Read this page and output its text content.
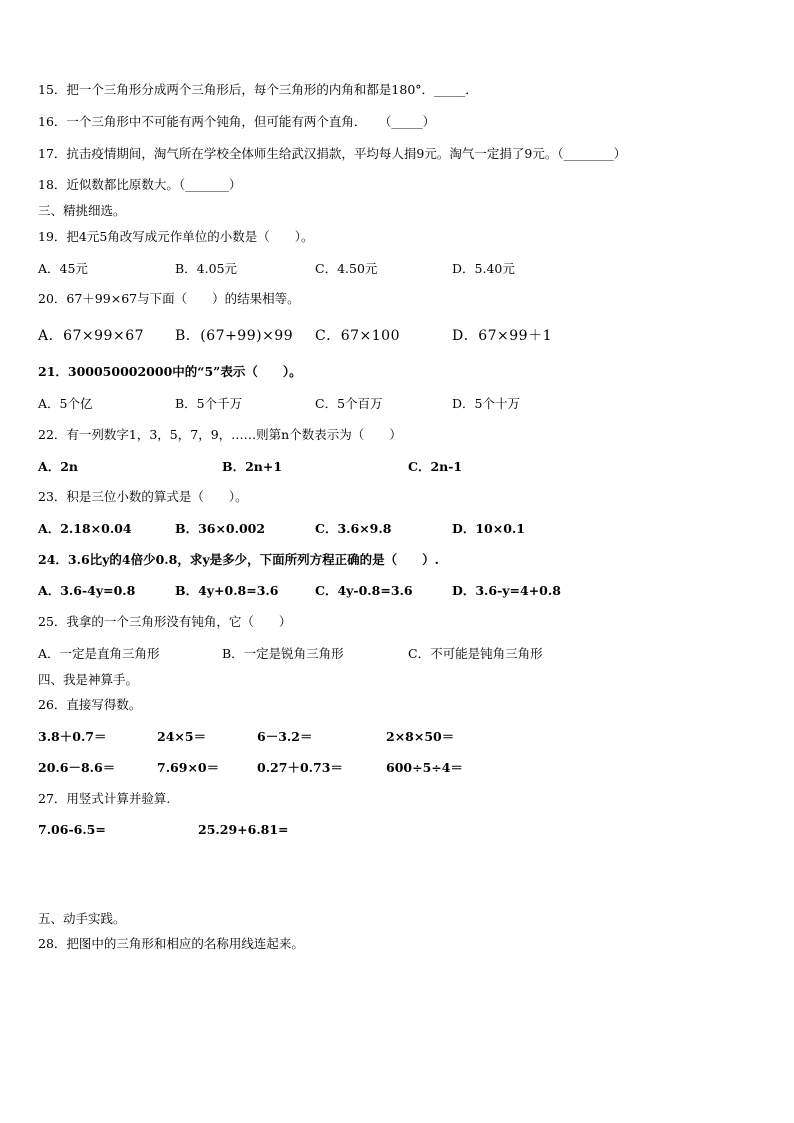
15．把一个三角形分成两个三角形后，每个三角形的内角和都是180°．_____．
16．一个三角形中不可能有两个钝角，但可能有两个直角．　　（_____）
17．抗击疫情期间，淘气所在学校全体师生给武汉捐款，平均每人捐9元。淘气一定捐了9元。（________）
18．近似数都比原数大。（_______）
三、精挑细选。
19．把4元5角改写成元作单位的小数是（　　）。
A．45元	B．4.05元	C．4.50元	D．5.40元
20．67＋99×67与下面（　　）的结果相等。
A．67×99×67 B．(67+99)×99 C．67×100	D．67×99＋1
21．300050002000中的“5”表示（　　）。
A．5个亿	B．5个千万	C．5个百万	D．5个十万
22．有一列数字1，3，5，7，9，……则第n个数表示为（　　）
A．2n	B．2n+1	C．2n-1
23．积是三位小数的算式是（　　）。
A．2.18×0.04	B．36×0.002	C．3.6×9.8	D．10×0.1
24．3.6比y的4倍少0.8，求y是多少，下面所列方程正确的是（　　）.
A．3.6-4y=0.8	B．4y+0.8=3.6	C．4y-0.8=3.6	D．3.6-y=4+0.8
25．我拿的一个三角形没有钝角，它（　　）
A．一定是直角三角形	B．一定是锐角三角形	C．不可能是钝角三角形
四、我是神算手。
26．直接写得数。
3.8＋0.7＝	24×5＝	6－3.2＝	2×8×50＝
20.6－8.6＝	7.69×0＝	0.27＋0.73＝	600÷5÷4＝
27．用竖式计算并验算.
7.06-6.5=	25.29+6.81=
五、动手实践。
28．把图中的三角形和相应的名称用线连起来。
